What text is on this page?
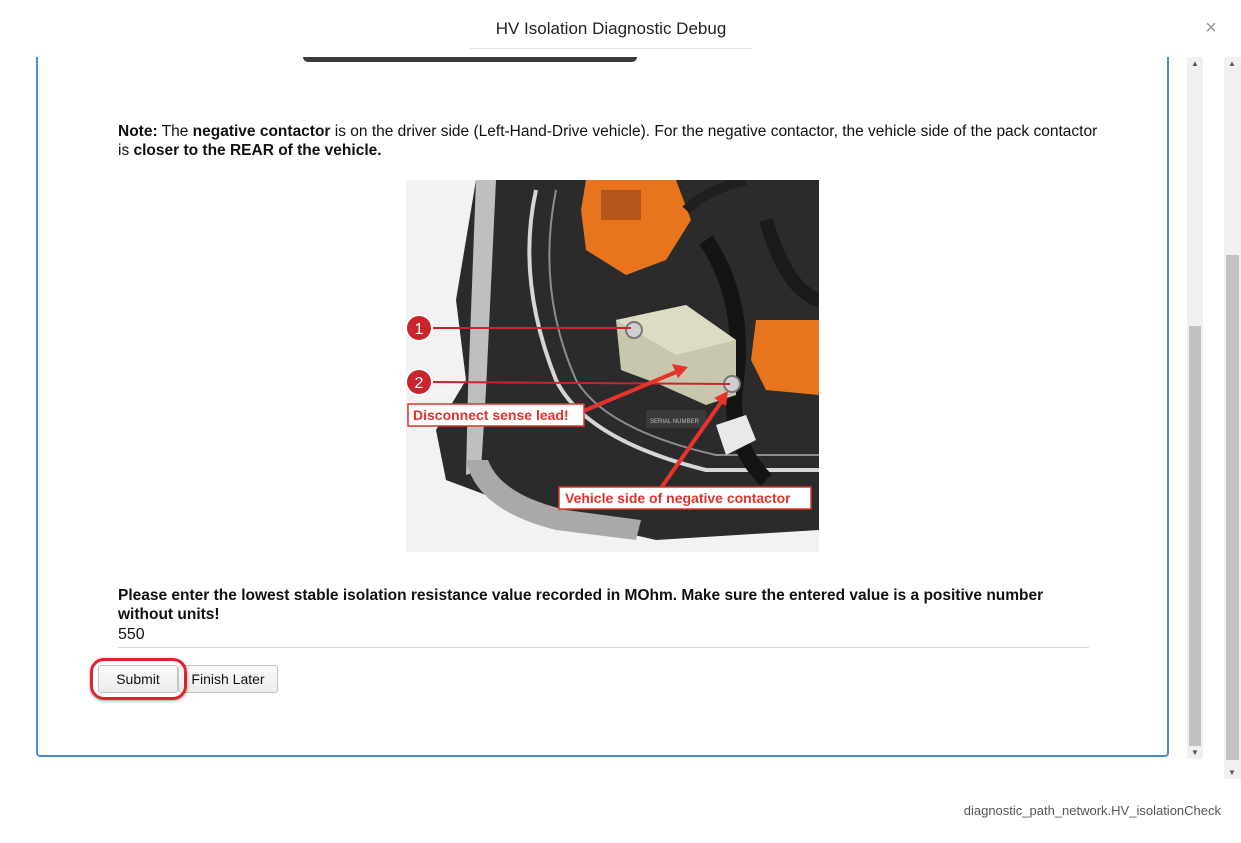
HV Isolation Diagnostic Debug	×
Note: The negative contactor is on the driver side (Left-Hand-Drive vehicle). For the negative contactor, the vehicle side of the pack contactor is closer to the REAR of the vehicle.
SERIAL NUMBER
1
2
Disconnect sense lead!
Vehicle side of negative contactor
Please enter the lowest stable isolation resistance value recorded in MOhm. Make sure the entered value is a positive number without units!
550
Submit	Finish Later
▲
▼
▲
▼
diagnostic_path_network.HV_isolationCheck
